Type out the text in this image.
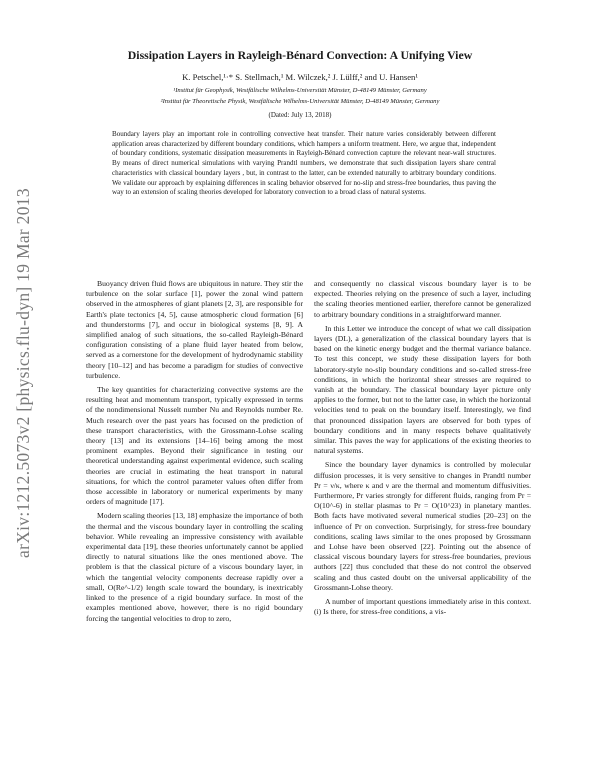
arXiv:1212.5073v2 [physics.flu-dyn] 19 Mar 2013
Dissipation Layers in Rayleigh-Bénard Convection: A Unifying View
K. Petschel,¹·* S. Stellmach,¹ M. Wilczek,² J. Lülff,² and U. Hansen¹
¹Institut für Geophysik, Westfälische Wilhelms-Universität Münster, D-48149 Münster, Germany
²Institut für Theoretische Physik, Westfälische Wilhelms-Universität Münster, D-48149 Münster, Germany
(Dated: July 13, 2018)
Boundary layers play an important role in controlling convective heat transfer. Their nature varies considerably between different application areas characterized by different boundary conditions, which hampers a uniform treatment. Here, we argue that, independent of boundary conditions, systematic dissipation measurements in Rayleigh-Bénard convection capture the relevant near-wall structures. By means of direct numerical simulations with varying Prandtl numbers, we demonstrate that such dissipation layers share central characteristics with classical boundary layers , but, in contrast to the latter, can be extended naturally to arbitrary boundary conditions. We validate our approach by explaining differences in scaling behavior observed for no-slip and stress-free boundaries, thus paving the way to an extension of scaling theories developed for laboratory convection to a broad class of natural systems.

Buoyancy driven fluid flows are ubiquitous in nature. They stir the turbulence on the solar surface [1], power the zonal wind pattern observed in the atmospheres of giant planets [2, 3], are responsible for Earth's plate tectonics [4, 5], cause atmospheric cloud formation [6] and thunderstorms [7], and occur in biological systems [8, 9]. A simplified analog of such situations, the so-called Rayleigh-Bénard configuration consisting of a plane fluid layer heated from below, served as a cornerstone for the development of hydrodynamic stability theory [10–12] and has become a paradigm for studies of convective turbulence.

The key quantities for characterizing convective systems are the resulting heat and momentum transport, typically expressed in terms of the nondimensional Nusselt number Nu and Reynolds number Re. Much research over the past years has focused on the prediction of these transport characteristics, with the Grossmann-Lohse scaling theory [13] and its extensions [14–16] being among the most prominent examples. Beyond their significance in testing our theoretical understanding against experimental evidence, such scaling theories are crucial in estimating the heat transport in natural situations, for which the control parameter values often differ from those accessible in laboratory or numerical experiments by many orders of magnitude [17].

Modern scaling theories [13, 18] emphasize the importance of both the thermal and the viscous boundary layer in controlling the scaling behavior. While revealing an impressive consistency with available experimental data [19], these theories unfortunately cannot be applied directly to natural situations like the ones mentioned above. The problem is that the classical picture of a viscous boundary layer, in which the tangential velocity components decrease rapidly over a small, O(Re^-1/2) length scale toward the boundary, is inextricably linked to the presence of a rigid boundary surface. In most of the examples mentioned above, however, there is no rigid boundary forcing the tangential velocities to drop to zero,

and consequently no classical viscous boundary layer is to be expected. Theories relying on the presence of such a layer, including the scaling theories mentioned earlier, therefore cannot be generalized to arbitrary boundary conditions in a straightforward manner.

In this Letter we introduce the concept of what we call dissipation layers (DL), a generalization of the classical boundary layers that is based on the kinetic energy budget and the thermal variance balance. To test this concept, we study these dissipation layers for both laboratory-style no-slip boundary conditions and so-called stress-free conditions, in which the horizontal shear stresses are required to vanish at the boundary. The classical boundary layer picture only applies to the former, but not to the latter case, in which the horizontal velocities tend to peak on the boundary itself. Interestingly, we find that pronounced dissipation layers are observed for both types of boundary conditions and in many respects behave qualitatively similar. This paves the way for applications of the existing theories to natural systems.

Since the boundary layer dynamics is controlled by molecular diffusion processes, it is very sensitive to changes in Prandtl number Pr = ν/κ, where κ and ν are the thermal and momentum diffusivities. Furthermore, Pr varies strongly for different fluids, ranging from Pr = O(10^-6) in stellar plasmas to Pr = O(10^23) in planetary mantles. Both facts have motivated several numerical studies [20–23] on the influence of Pr on convection. Surprisingly, for stress-free boundary conditions, scaling laws similar to the ones proposed by Grossmann and Lohse have been observed [22]. Pointing out the absence of classical viscous boundary layers for stress-free boundaries, previous authors [22] thus concluded that these do not control the observed scaling and thus casted doubt on the universal applicability of the Grossmann-Lohse theory.

A number of important questions immediately arise in this context. (i) Is there, for stress-free conditions, a vis-
